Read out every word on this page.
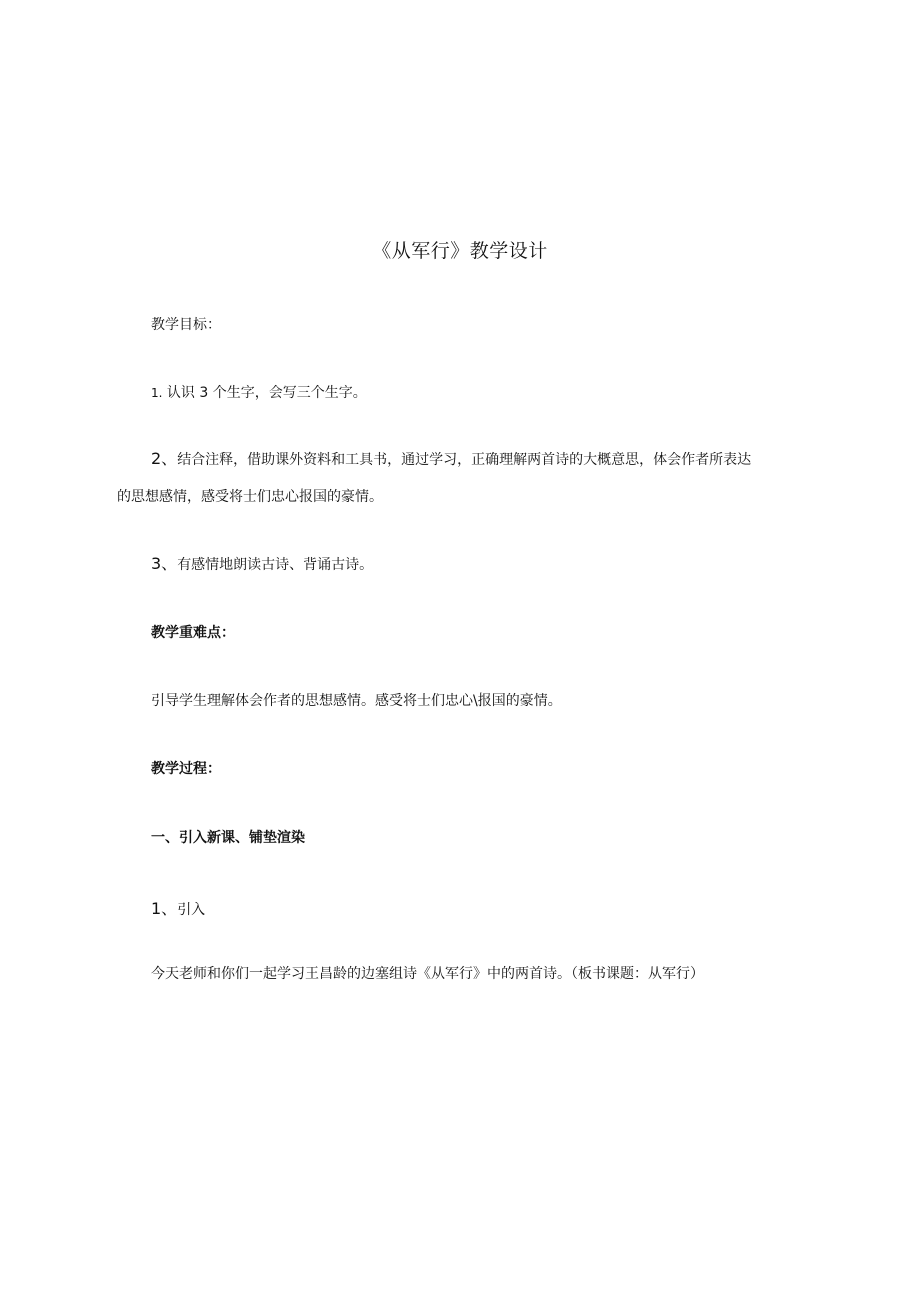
《从军行》教学设计
教学目标：
1. 认识 3 个生字，会写三个生字。
2、结合注释，借助课外资料和工具书，通过学习，正确理解两首诗的大概意思，体会作者所表达
的思想感情，感受将士们忠心报国的豪情。
3、有感情地朗读古诗、背诵古诗。
教学重难点：
引导学生理解体会作者的思想感情。感受将士们忠心\报国的豪情。
教学过程：
一、引入新课、铺垫渲染
1、引入
今天老师和你们一起学习王昌龄的边塞组诗《从军行》中的两首诗。（板书课题：从军行）
